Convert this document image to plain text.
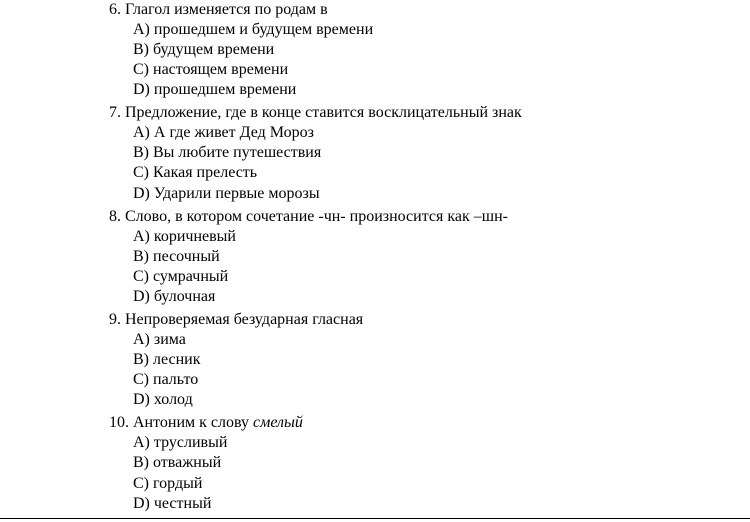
6. Глагол изменяется по родам в
A) прошедшем и будущем времени
B) будущем времени
C) настоящем времени
D) прошедшем времени
7. Предложение, где в конце ставится восклицательный знак
A) А где живет Дед Мороз
B) Вы любите путешествия
C) Какая прелесть
D) Ударили первые морозы
8. Слово, в котором сочетание -чн- произносится как –шн-
A) коричневый
B) песочный
C) сумрачный
D) булочная
9. Непроверяемая безударная гласная
A) зима
B) лесник
C) пальто
D) холод
10. Антоним к слову смелый
A) трусливый
B) отважный
C) гордый
D) честный
